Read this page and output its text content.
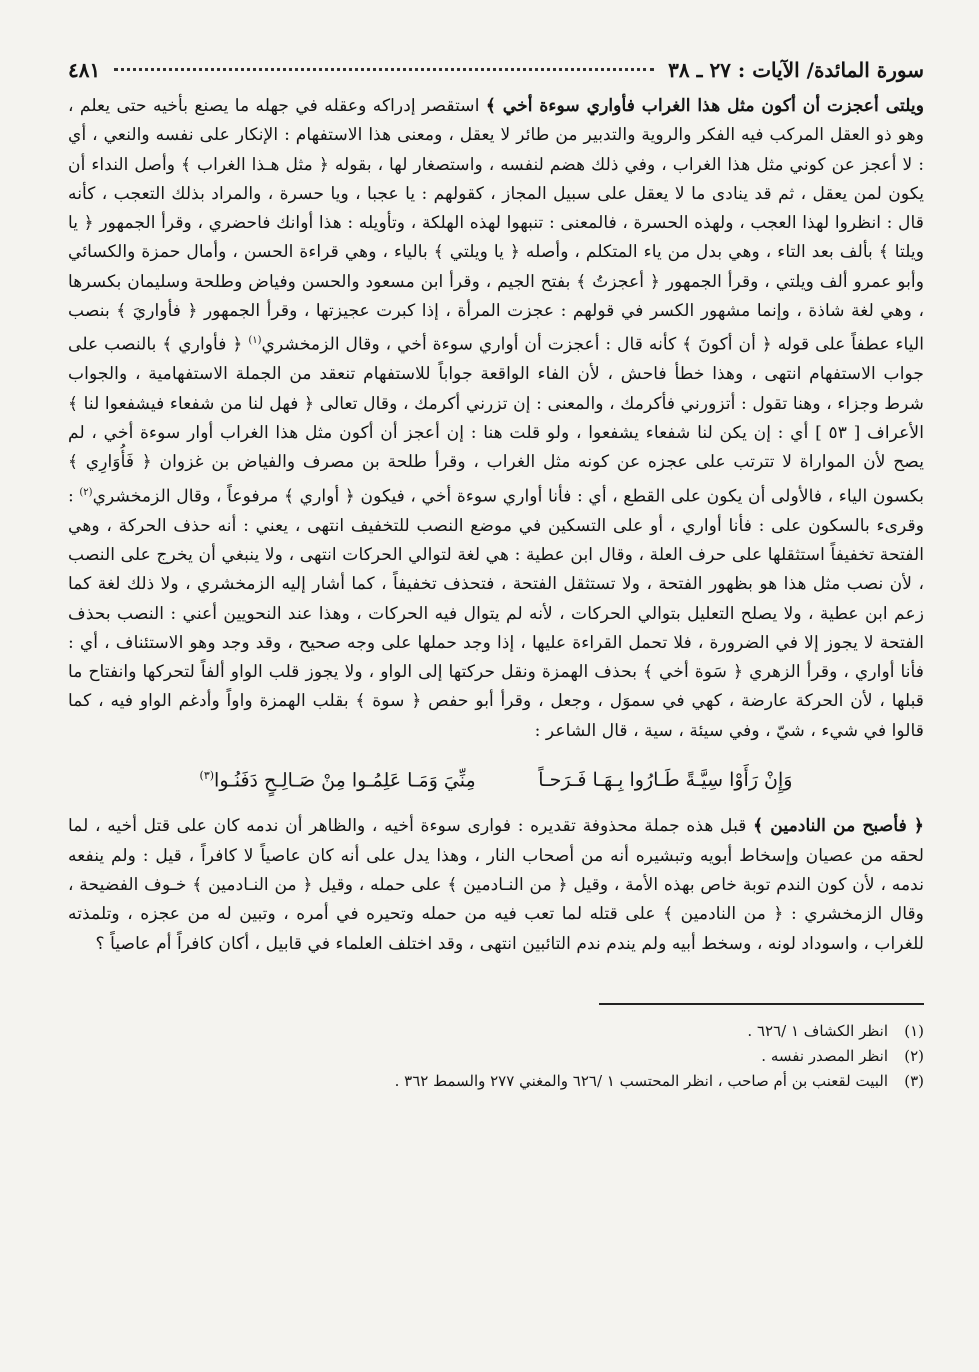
سورة المائدة/ الآيات : ٢٧ ـ ٣٨
٤٨١

ويلتى أعجزت أن أكون مثل هذا الغراب فأواري سوءة أخي ﴾ استقصر إدراكه وعقله في جهله ما يصنع بأخيه حتى يعلم ، وهو ذو العقل المركب فيه الفكر والروية والتدبير من طائر لا يعقل ، ومعنى هذا الاستفهام : الإنكار على نفسه والنعي ، أي : لا أعجز عن كوني مثل هذا الغراب ، وفي ذلك هضم لنفسه ، واستصغار لها ، بقوله ﴿ مثل هـذا الغراب ﴾ وأصل النداء أن يكون لمن يعقل ، ثم قد ينادى ما لا يعقل على سبيل المجاز ، كقولهم : يا عجبا ، ويا حسرة ، والمراد بذلك التعجب ، كأنه قال : انظروا لهذا العجب ، ولهذه الحسرة ، فالمعنى : تنبهوا لهذه الهلكة ، وتأويله : هذا أوانك فاحضري ، وقرأ الجمهور ﴿ يا ويلتا ﴾ بألف بعد التاء ، وهي بدل من ياء المتكلم ، وأصله ﴿ يا ويلتي ﴾ بالياء ، وهي قراءة الحسن ، وأمال حمزة والكسائي وأبو عمرو ألف ويلتي ، وقرأ الجمهور ﴿ أعجزتُ ﴾ بفتح الجيم ، وقرأ ابن مسعود والحسن وفياض وطلحة وسليمان بكسرها ، وهي لغة شاذة ، وإنما مشهور الكسر في قولهم : عجزت المرأة ، إذا كبرت عجيزتها ، وقرأ الجمهور ﴿ فأواريَ ﴾ بنصب الياء عطفاً على قوله ﴿ أن أكونَ ﴾ كأنه قال : أعجزت أن أواري سوءة أخي ، وقال الزمخشري$^{(١)}$ ﴿ فأواري ﴾ بالنصب على جواب الاستفهام انتهى ، وهذا خطأ فاحش ، لأن الفاء الواقعة جواباً للاستفهام تنعقد من الجملة الاستفهامية ، والجواب شرط وجزاء ، وهنا تقول : أتزورني فأكرمك ، والمعنى : إن تزرني أكرمك ، وقال تعالى ﴿ فهل لنا من شفعاء فيشفعوا لنا ﴾ الأعراف [ ٥٣ ] أي : إن يكن لنا شفعاء يشفعوا ، ولو قلت هنا : إن أعجز أن أكون مثل هذا الغراب أوار سوءة أخي ، لم يصح لأن المواراة لا تترتب على عجزه عن كونه مثل الغراب ، وقرأ طلحة بن مصرف والفياض بن غزوان ﴿ فَأُوَارِي ﴾ بكسون الياء ، فالأولى أن يكون على القطع ، أي : فأنا أواري سوءة أخي ، فيكون ﴿ أواري ﴾ مرفوعاً ، وقال الزمخشري$^{(٢)}$ : وقرىء بالسكون على : فأنا أواري ، أو على التسكين في موضع النصب للتخفيف انتهى ، يعني : أنه حذف الحركة ، وهي الفتحة تخفيفاً استثقلها على حرف العلة ، وقال ابن عطية : هي لغة لتوالي الحركات انتهى ، ولا ينبغي أن يخرج على النصب ، لأن نصب مثل هذا هو بظهور الفتحة ، ولا تستثقل الفتحة ، فتحذف تخفيفاً ، كما أشار إليه الزمخشري ، ولا ذلك لغة كما زعم ابن عطية ، ولا يصلح التعليل بتوالي الحركات ، لأنه لم يتوال فيه الحركات ، وهذا عند النحويين أعني : النصب بحذف الفتحة لا يجوز إلا في الضرورة ، فلا تحمل القراءة عليها ، إذا وجد حملها على وجه صحيح ، وقد وجد وهو الاستئناف ، أي : فأنا أواري ، وقرأ الزهري ﴿ سَوة أخي ﴾ بحذف الهمزة ونقل حركتها إلى الواو ، ولا يجوز قلب الواو ألفاً لتحركها وانفتاح ما قبلها ، لأن الحركة عارضة ، كهي في سموَل ، وجعل ، وقرأ أبو حفص ﴿ سوة ﴾ بقلب الهمزة واواً وأدغم الواو فيه ، كما قالوا في شيء ، شيّ ، وفي سيئة ، سية ، قال الشاعر :

وَإِنْ رَأَوْا سِيَّـةً طَـارُوا بِـهَـا فَـرَحـاً مِنِّيَ وَمَـا عَلِمُـوا مِنْ صَـالِـحٍ دَفَنُـوا$^{(٣)}$

﴿ فأصبح من النادمين ﴾ قبل هذه جملة محذوفة تقديره : فوارى سوءة أخيه ، والظاهر أن ندمه كان على قتل أخيه ، لما لحقه من عصيان وإسخاط أبويه وتبشيره أنه من أصحاب النار ، وهذا يدل على أنه كان عاصياً لا كافراً ، قيل : ولم ينفعه ندمه ، لأن كون الندم توبة خاص بهذه الأمة ، وقيل ﴿ من النـادمين ﴾ على حمله ، وقيل ﴿ من النـادمين ﴾ خـوف الفضيحة ، وقال الزمخشري : ﴿ من النادمين ﴾ على قتله لما تعب فيه من حمله وتحيره في أمره ، وتبين له من عجزه ، وتلمذته للغراب ، واسوداد لونه ، وسخط أبيه ولم يندم ندم التائبين انتهى ، وقد اختلف العلماء في قابيل ، أكان كافراً أم عاصياً ؟

(١)
انظر الكشاف ١ /٦٢٦ .
(٢)
انظر المصدر نفسه .
(٣)
البيت لقعنب بن أم صاحب ، انظر المحتسب ١ /٦٢٦ والمغني ٢٧٧ والسمط ٣٦٢ .
